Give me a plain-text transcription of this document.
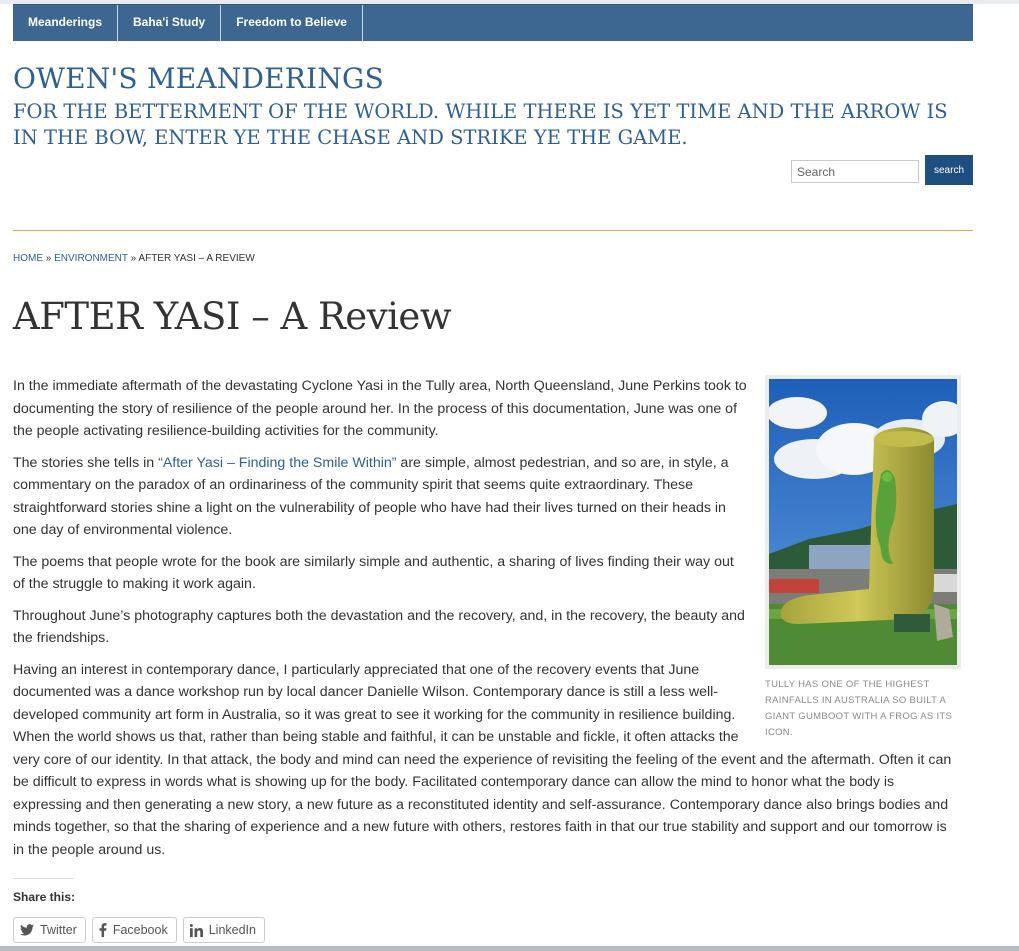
Meanderings	Baha'i Study	Freedom to Believe
OWEN'S MEANDERINGS

FOR THE BETTERMENT OF THE WORLD. WHILE THERE IS YET TIME AND THE ARROW IS IN THE BOW, ENTER YE THE CHASE AND STRIKE YE THE GAME.

Search
search
HOME » ENVIRONMENT » AFTER YASI – A REVIEW
AFTER YASI – A Review
TULLY HAS ONE OF THE HIGHEST RAINFALLS IN AUSTRALIA SO BUILT A GIANT GUMBOOT WITH A FROG AS ITS ICON.

In the immediate aftermath of the devastating Cyclone Yasi in the Tully area, North Queensland, June Perkins took to documenting the story of resilience of the people around her. In the process of this documentation, June was one of the people activating resilience-building activities for the community.

The stories she tells in “After Yasi – Finding the Smile Within” are simple, almost pedestrian, and so are, in style, a commentary on the paradox of an ordinariness of the community spirit that seems quite extraordinary. These straightforward stories shine a light on the vulnerability of people who have had their lives turned on their heads in one day of environmental violence.

The poems that people wrote for the book are similarly simple and authentic, a sharing of lives finding their way out of the struggle to making it work again.

Throughout June’s photography captures both the devastation and the recovery, and, in the recovery, the beauty and the friendships.

Having an interest in contemporary dance, I particularly appreciated that one of the recovery events that June documented was a dance workshop run by local dancer Danielle Wilson. Contemporary dance is still a less well-developed community art form in Australia, so it was great to see it working for the community in resilience building. When the world shows us that, rather than being stable and faithful, it can be unstable and fickle, it often attacks the very core of our identity. In that attack, the body and mind can need the experience of revisiting the feeling of the event and the aftermath. Often it can be difficult to express in words what is showing up for the body. Facilitated contemporary dance can allow the mind to honor what the body is expressing and then generating a new story, a new future as a reconstituted identity and self-assurance. Contemporary dance also brings bodies and minds together, so that the sharing of experience and a new future with others, restores faith in that our true stability and support and our tomorrow is in the people around us.

Share this:
Twitter	Facebook	LinkedIn
